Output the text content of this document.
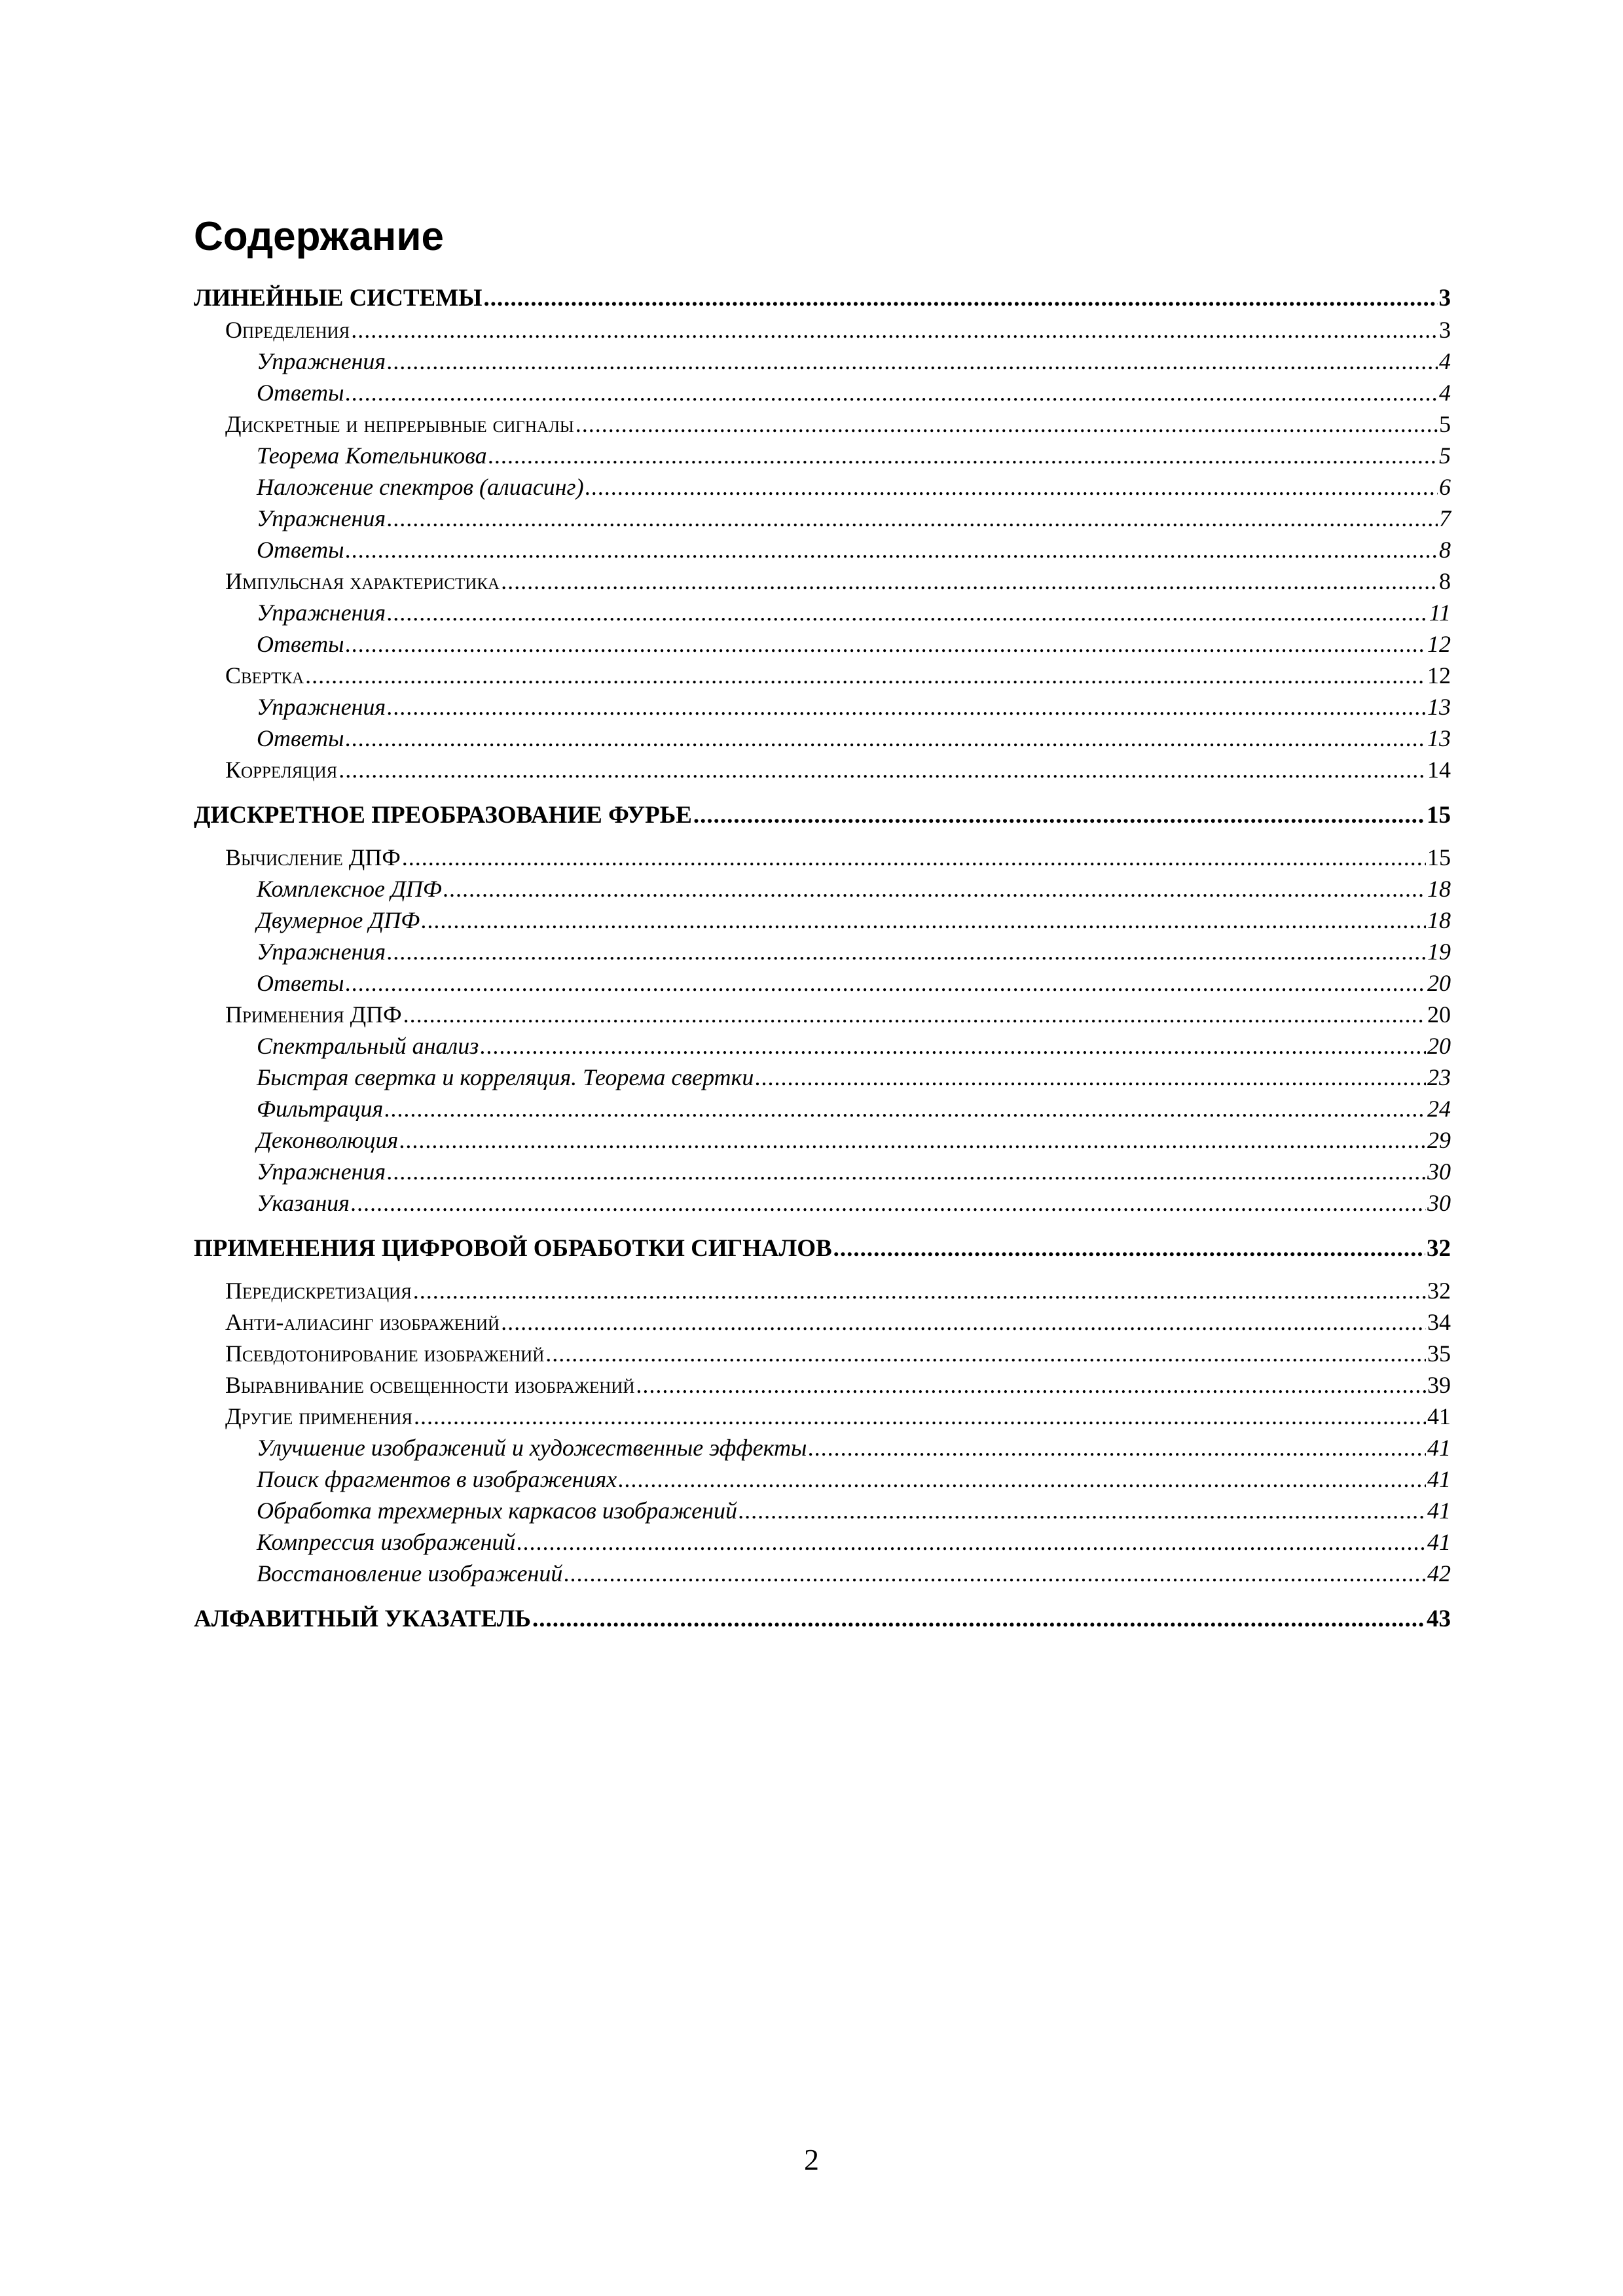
Содержание
ЛИНЕЙНЫЕ СИСТЕМЫ .....	3
Определения .....	3
Упражнения .....	4
Ответы .....	4
Дискретные и непрерывные сигналы .....	5
Теорема Котельникова .....	5
Наложение спектров (алиасинг) .....	6
Упражнения .....	7
Ответы .....	8
Импульсная характеристика .....	8
Упражнения .....	11
Ответы .....	12
Свертка .....	12
Упражнения .....	13
Ответы .....	13
Корреляция .....	14
ДИСКРЕТНОЕ ПРЕОБРАЗОВАНИЕ ФУРЬЕ .....	15
Вычисление ДПФ .....	15
Комплексное ДПФ .....	18
Двумерное ДПФ .....	18
Упражнения .....	19
Ответы .....	20
Применения ДПФ .....	20
Спектральный анализ .....	20
Быстрая свертка и корреляция. Теорема свертки .....	23
Фильтрация .....	24
Деконволюция .....	29
Упражнения .....	30
Указания .....	30
ПРИМЕНЕНИЯ ЦИФРОВОЙ ОБРАБОТКИ СИГНАЛОВ .....	32
Передискретизация .....	32
Анти-алиасинг изображений .....	34
Псевдотонирование изображений .....	35
Выравнивание освещенности изображений .....	39
Другие применения .....	41
Улучшение изображений и художественные эффекты .....	41
Поиск фрагментов в изображениях .....	41
Обработка трехмерных каркасов изображений .....	41
Компрессия изображений .....	41
Восстановление изображений .....	42
АЛФАВИТНЫЙ УКАЗАТЕЛЬ .....	43
2
